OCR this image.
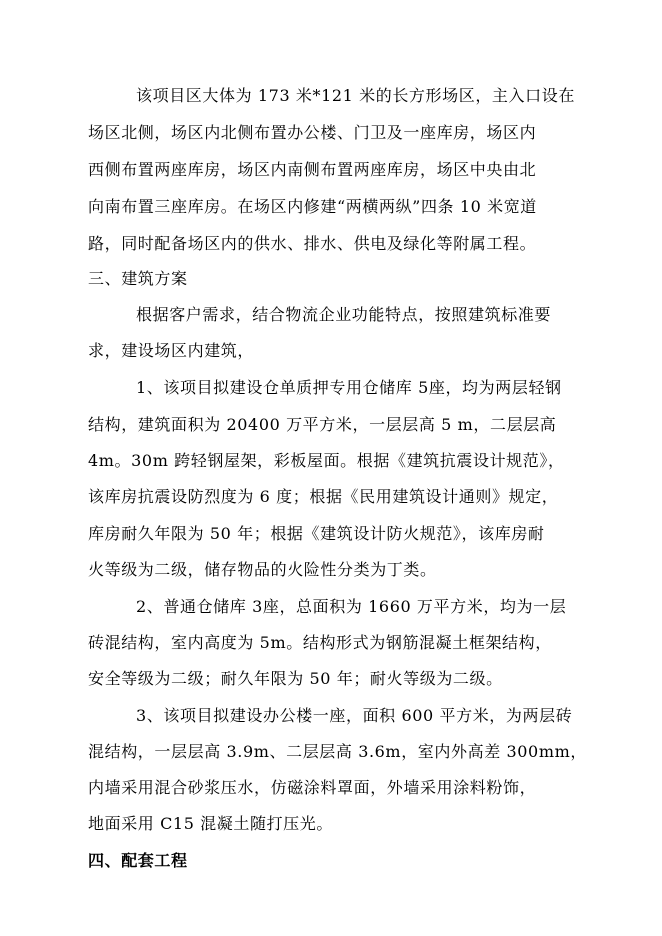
该项目区大体为 173 米*121 米的长方形场区，主入口设在
场区北侧，场区内北侧布置办公楼、门卫及一座库房，场区内
西侧布置两座库房，场区内南侧布置两座库房，场区中央由北
向南布置三座库房。在场区内修建“两横两纵”四条 10 米宽道
路，同时配备场区内的供水、排水、供电及绿化等附属工程。
三、建筑方案
根据客户需求，结合物流企业功能特点，按照建筑标准要
求，建设场区内建筑，
1、该项目拟建设仓单质押专用仓储库 5座，均为两层轻钢
结构，建筑面积为 20400 万平方米，一层层高 5 m，二层层高
4m。30m 跨轻钢屋架，彩板屋面。根据《建筑抗震设计规范》，
该库房抗震设防烈度为 6 度；根据《民用建筑设计通则》规定，
库房耐久年限为 50 年；根据《建筑设计防火规范》，该库房耐
火等级为二级，储存物品的火险性分类为丁类。
2、普通仓储库 3座，总面积为 1660 万平方米，均为一层
砖混结构，室内高度为 5m。结构形式为钢筋混凝土框架结构，
安全等级为二级；耐久年限为 50 年；耐火等级为二级。
3、该项目拟建设办公楼一座，面积 600 平方米，为两层砖
混结构，一层层高 3.9m、二层层高 3.6m，室内外高差 300mm，
内墙采用混合砂浆压水，仿磁涂料罩面，外墙采用涂料粉饰，
地面采用 C15 混凝土随打压光。
四、配套工程
